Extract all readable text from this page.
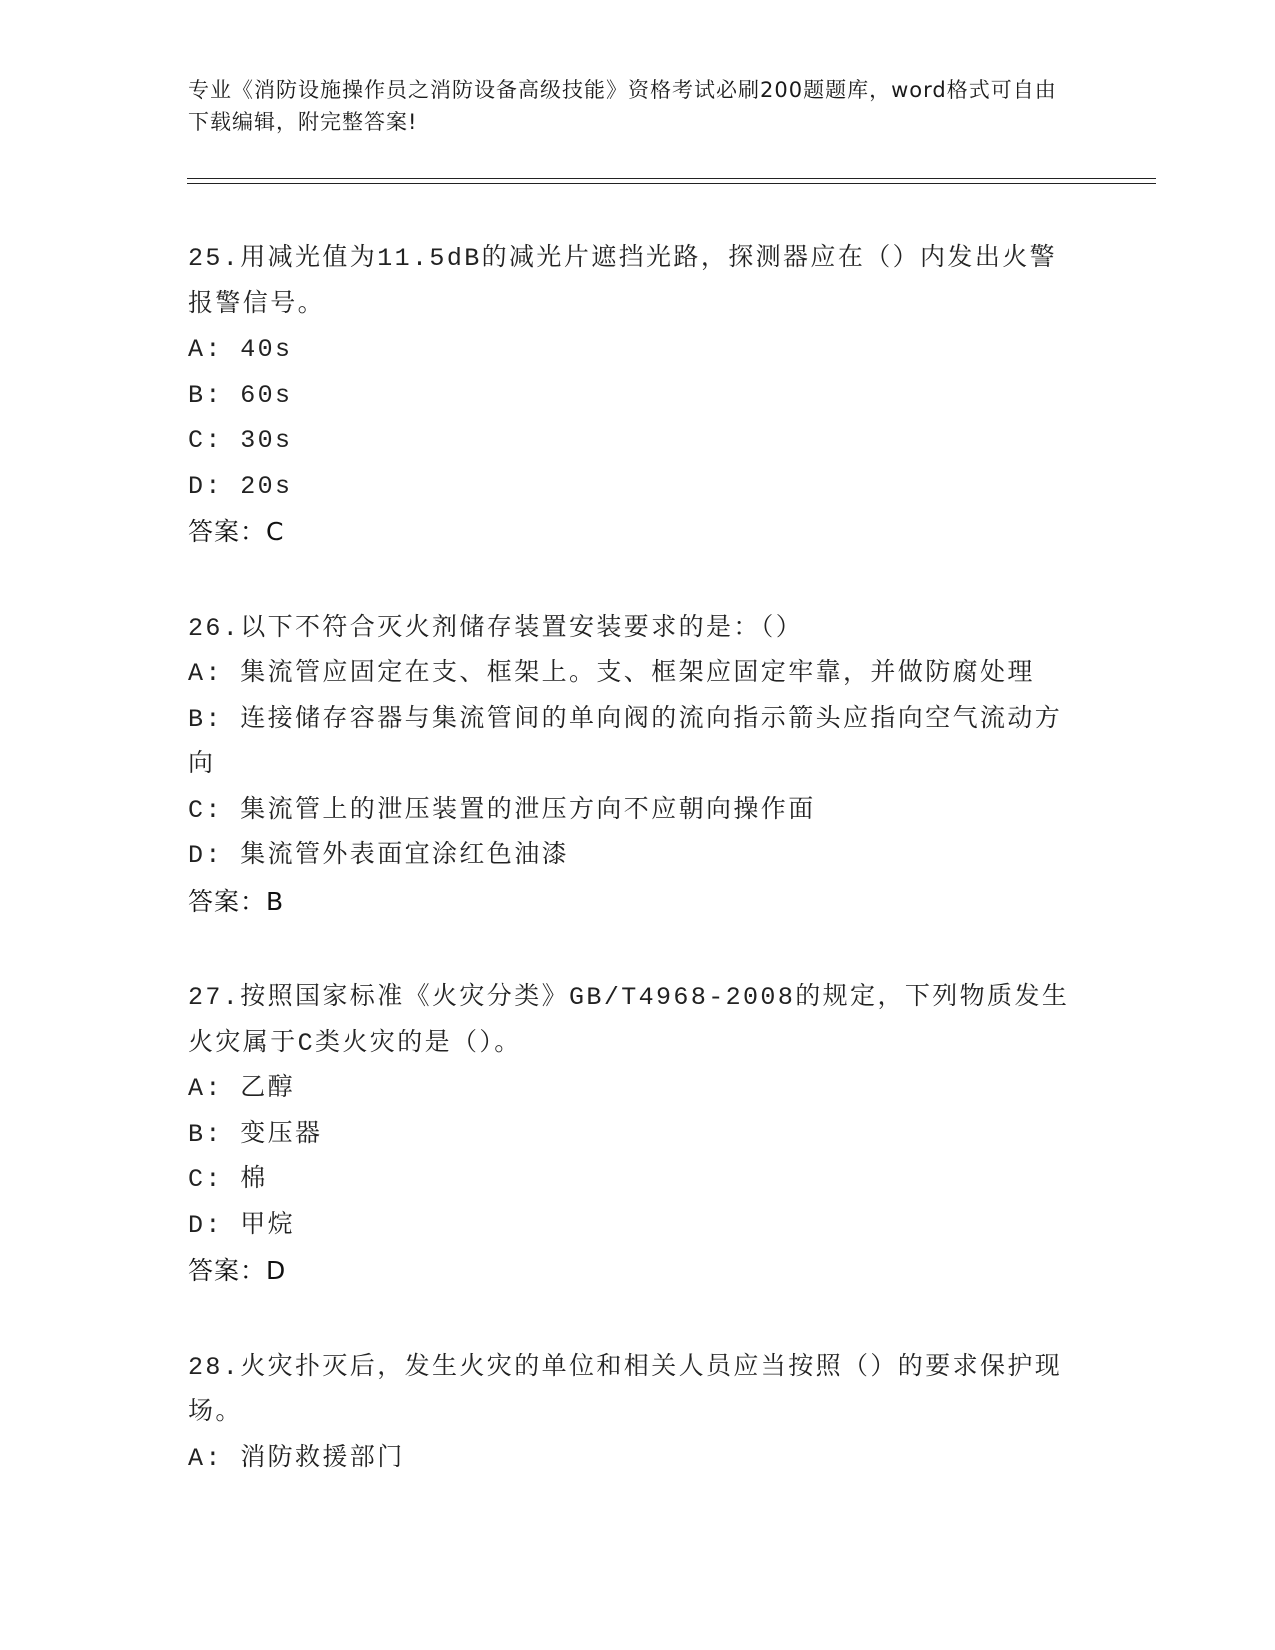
专业《消防设施操作员之消防设备高级技能》资格考试必刷200题题库，word格式可自由下载编辑，附完整答案!
25.用减光值为11.5dB的减光片遮挡光路，探测器应在（）内发出火警报警信号。
A: 40s
B: 60s
C: 30s
D: 20s
答案：C
26.以下不符合灭火剂储存装置安装要求的是：（）
A: 集流管应固定在支、框架上。支、框架应固定牢靠，并做防腐处理
B: 连接储存容器与集流管间的单向阀的流向指示箭头应指向空气流动方向
C: 集流管上的泄压装置的泄压方向不应朝向操作面
D: 集流管外表面宜涂红色油漆
答案：B
27.按照国家标准《火灾分类》GB/T4968-2008的规定，下列物质发生火灾属于C类火灾的是（）。
A: 乙醇
B: 变压器
C: 棉
D: 甲烷
答案：D
28.火灾扑灭后，发生火灾的单位和相关人员应当按照（）的要求保护现场。
A: 消防救援部门
